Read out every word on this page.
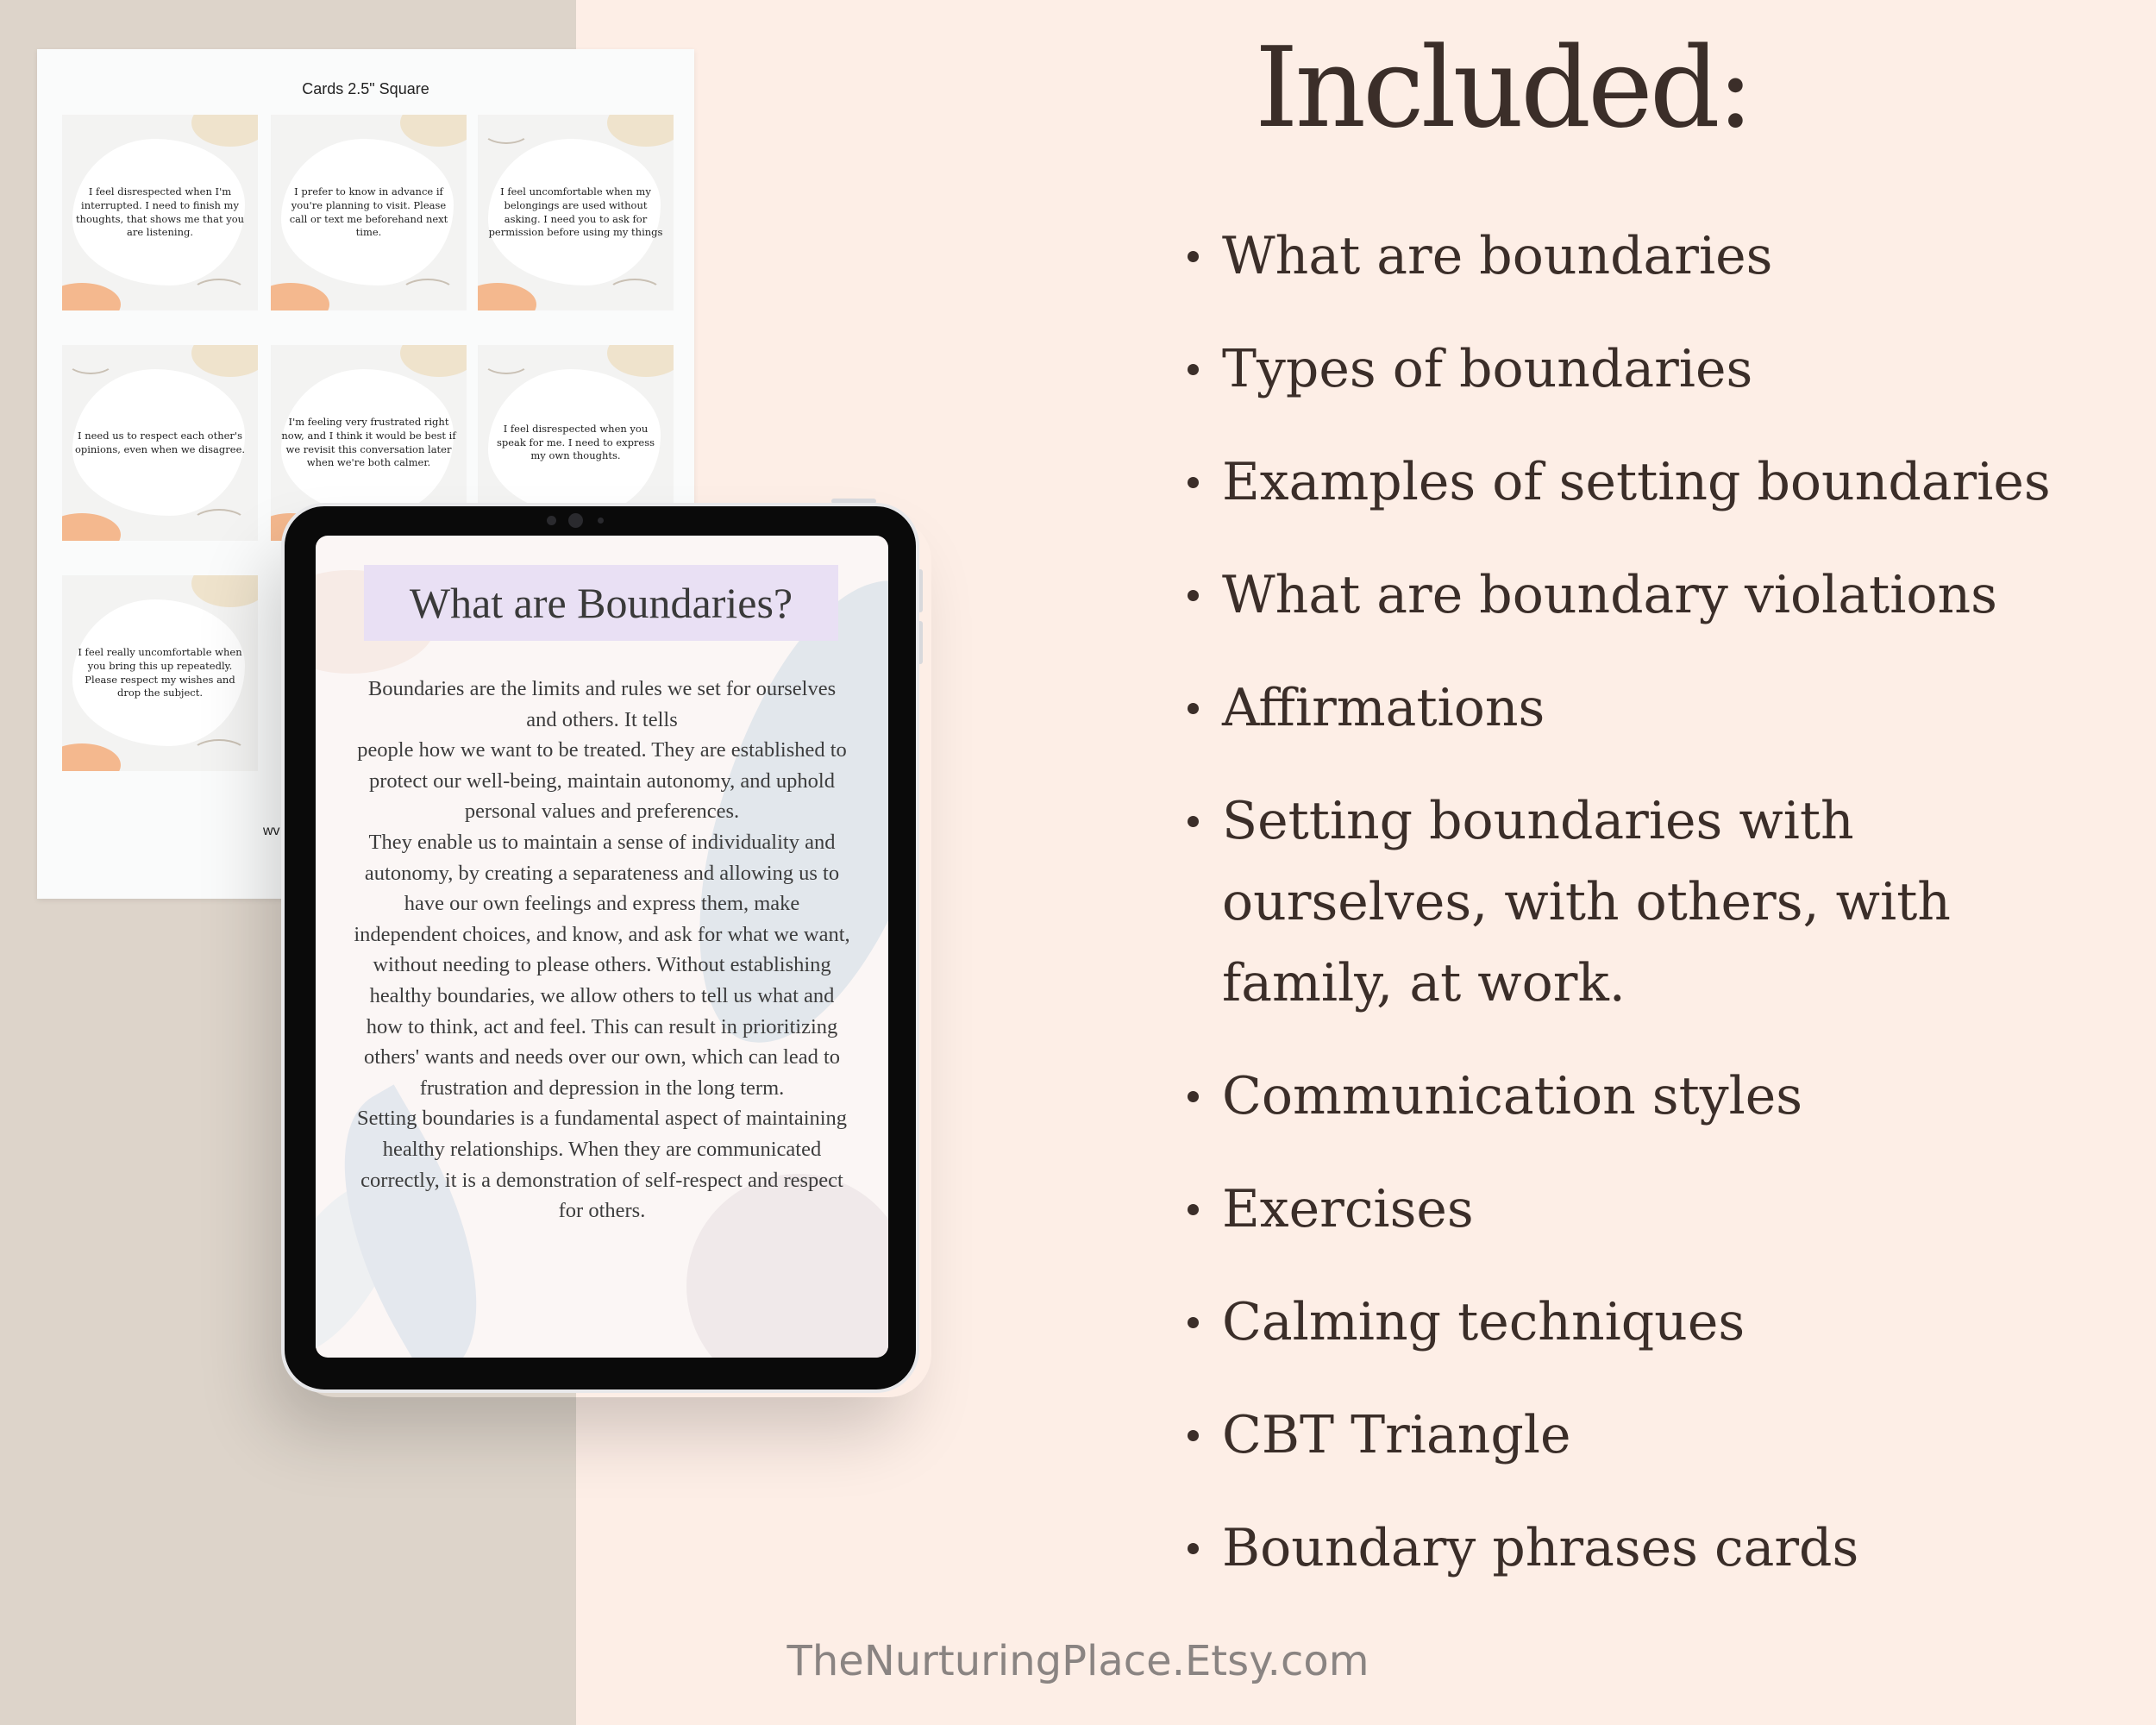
Cards 2.5" Square
I feel disrespected when I'm interrupted. I need to finish my thoughts, that shows me that you are listening.
I prefer to know in advance if you're planning to visit. Please call or text me beforehand next time.
I feel uncomfortable when my belongings are used without asking. I need you to ask for permission before using my things
I need us to respect each other's opinions, even when we disagree.
I'm feeling very frustrated right now, and I think it would be best if we revisit this conversation later when we're both calmer.
I feel disrespected when you speak for me. I need to express my own thoughts.
I feel really uncomfortable when you bring this up repeatedly. Please respect my wishes and drop the subject.
wv
What are Boundaries?
Boundaries are the limits and rules we set for ourselves and others. It tells
people how we want to be treated. They are established to protect our well-being, maintain autonomy, and uphold personal values and preferences.
They enable us to maintain a sense of individuality and autonomy, by creating a separateness and allowing us to have our own feelings and express them, make independent choices, and know, and ask for what we want, without needing to please others. Without establishing healthy boundaries, we allow others to tell us what and how to think, act and feel. This can result in prioritizing others' wants and needs over our own, which can lead to frustration and depression in the long term.
Setting boundaries is a fundamental aspect of maintaining healthy relationships. When they are communicated correctly, it is a demonstration of self-respect and respect for others.
Included:
What are boundaries
Types of boundaries
Examples of setting boundaries
What are boundary violations
Affirmations
Setting boundaries with ourselves, with others, with family, at work.
Communication styles
Exercises
Calming techniques
CBT Triangle
Boundary phrases cards
TheNurturingPlace.Etsy.com
